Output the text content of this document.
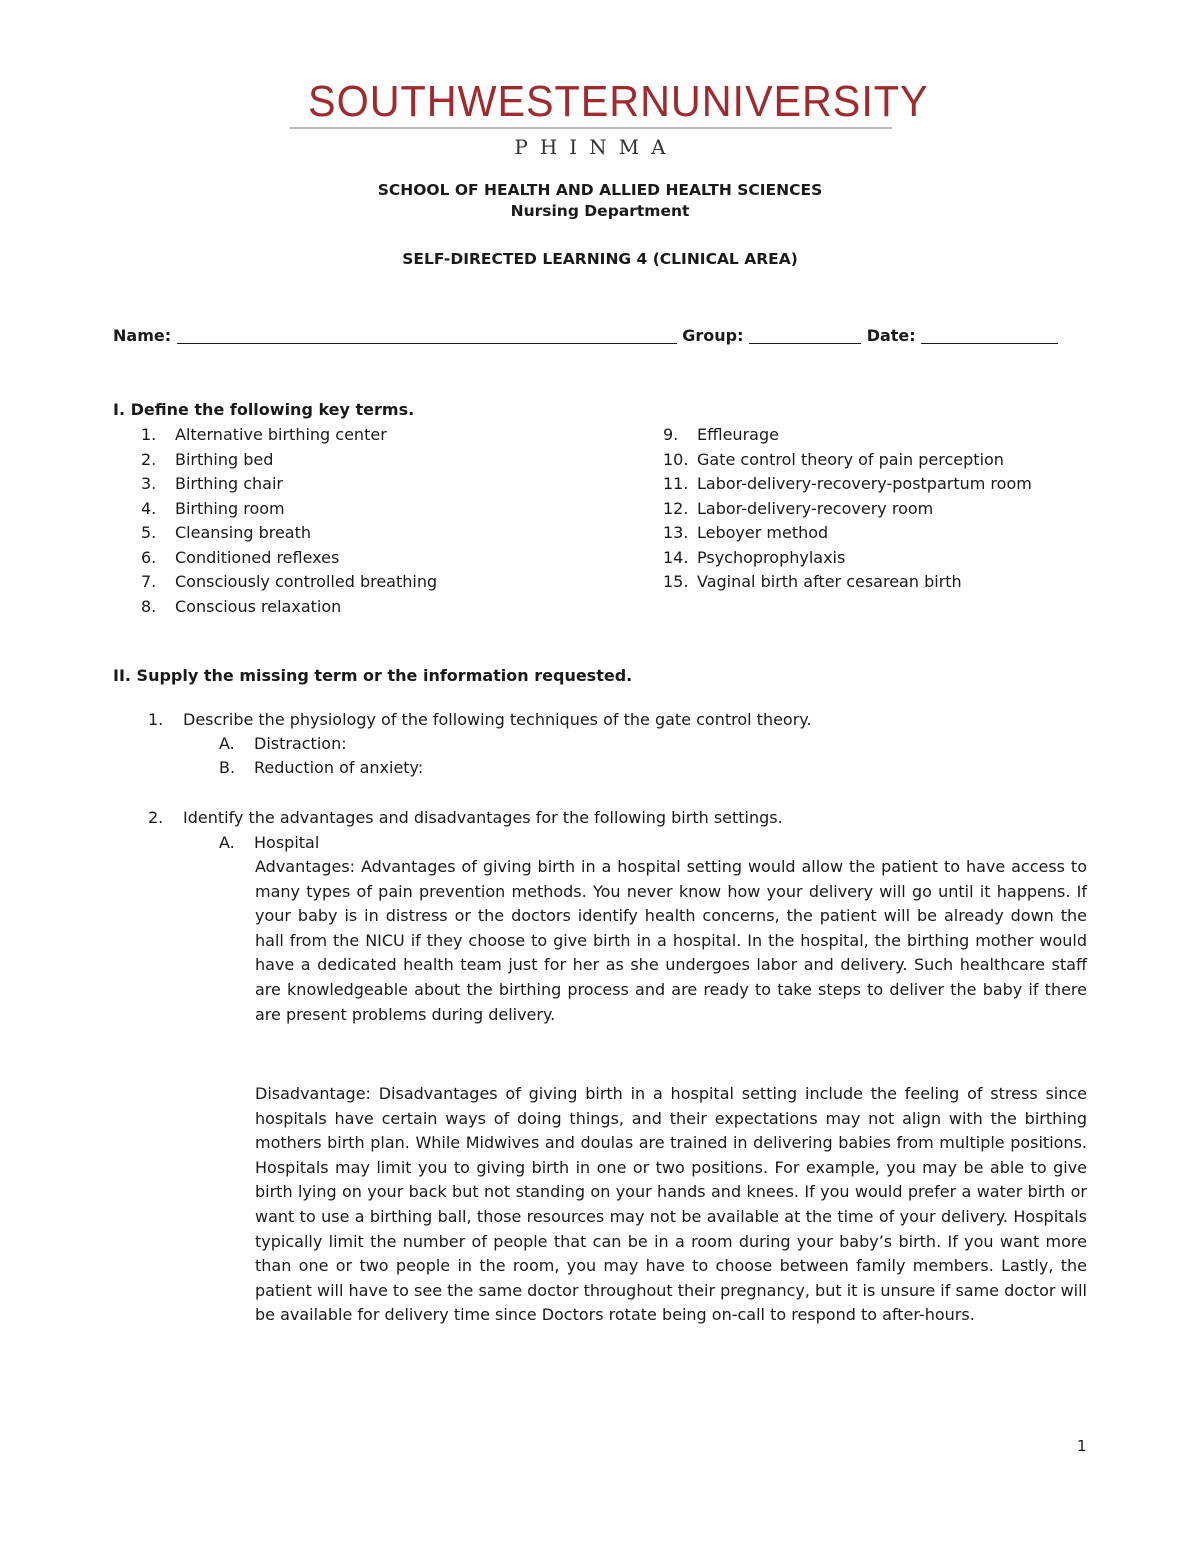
SOUTHWESTERNUNIVERSITY
PHINMA
SCHOOL OF HEALTH AND ALLIED HEALTH SCIENCES
Nursing Department
SELF-DIRECTED LEARNING 4 (CLINICAL AREA)
Name:	Group:	Date:
I. Define the following key terms.
1. Alternative birthing center
2. Birthing bed
3. Birthing chair
4. Birthing room
5. Cleansing breath
6. Conditioned reflexes
7. Consciously controlled breathing
8. Conscious relaxation
9. Effleurage
10. Gate control theory of pain perception
11. Labor-delivery-recovery-postpartum room
12. Labor-delivery-recovery room
13. Leboyer method
14. Psychoprophylaxis
15. Vaginal birth after cesarean birth
II. Supply the missing term or the information requested.
1. Describe the physiology of the following techniques of the gate control theory.
A. Distraction:
B. Reduction of anxiety:
2. Identify the advantages and disadvantages for the following birth settings.
A. Hospital

Advantages: Advantages of giving birth in a hospital setting would allow the patient to have access to many types of pain prevention methods. You never know how your delivery will go until it happens. If your baby is in distress or the doctors identify health concerns, the patient will be already down the hall from the NICU if they choose to give birth in a hospital. In the hospital, the birthing mother would have a dedicated health team just for her as she undergoes labor and delivery. Such healthcare staff are knowledgeable about the birthing process and are ready to take steps to deliver the baby if there are present problems during delivery.

Disadvantage: Disadvantages of giving birth in a hospital setting include the feeling of stress since hospitals have certain ways of doing things, and their expectations may not align with the birthing mothers birth plan. While Midwives and doulas are trained in delivering babies from multiple positions. Hospitals may limit you to giving birth in one or two positions. For example, you may be able to give birth lying on your back but not standing on your hands and knees. If you would prefer a water birth or want to use a birthing ball, those resources may not be available at the time of your delivery. Hospitals typically limit the number of people that can be in a room during your baby’s birth. If you want more than one or two people in the room, you may have to choose between family members. Lastly, the patient will have to see the same doctor throughout their pregnancy, but it is unsure if same doctor will be available for delivery time since Doctors rotate being on-call to respond to after-hours.

1
